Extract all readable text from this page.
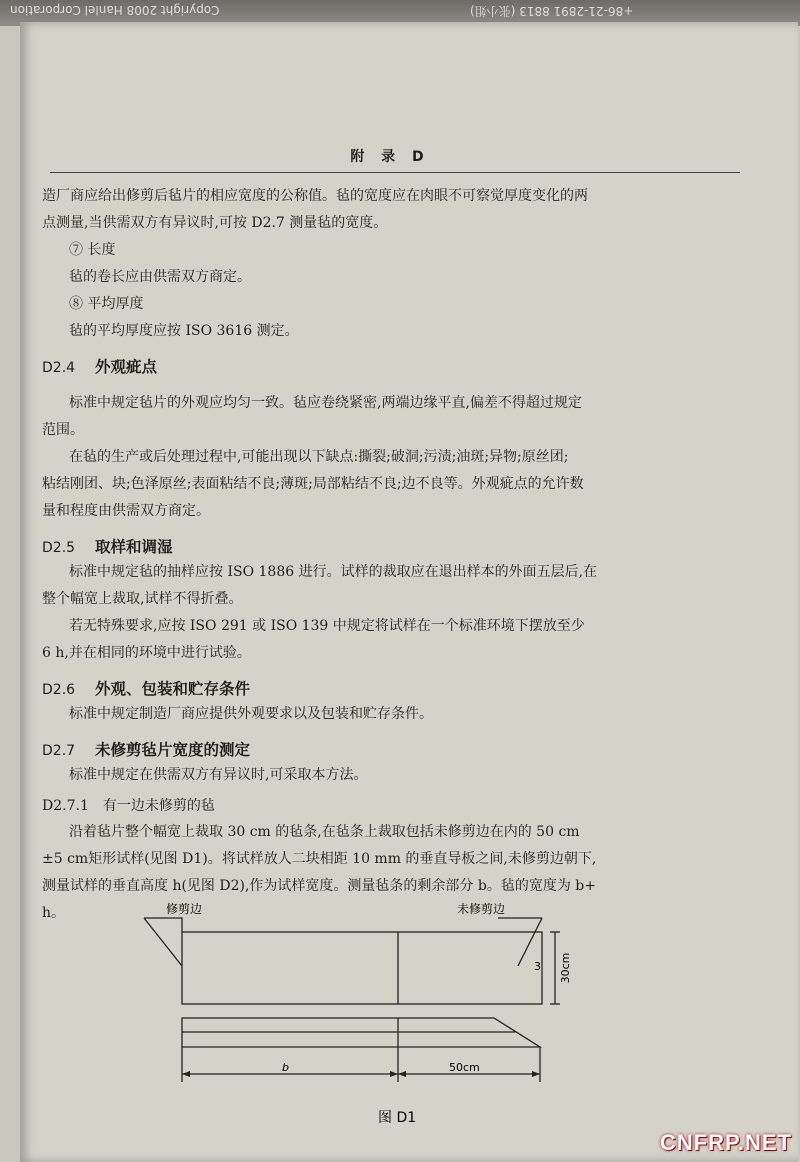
Copyright 2008 Hanlel Corporation	+86-21-2891 8813 (张小姐)
附 录 D
造厂商应给出修剪后毡片的相应宽度的公称值。毡的宽度应在肉眼不可察觉厚度变化的两
点测量,当供需双方有异议时,可按 D2.7 测量毡的宽度。
⑦ 长度
毡的卷长应由供需双方商定。
⑧ 平均厚度
毡的平均厚度应按 ISO 3616 测定。
D2.4 外观疵点
标准中规定毡片的外观应均匀一致。毡应卷绕紧密,两端边缘平直,偏差不得超过规定
范围。
在毡的生产或后处理过程中,可能出现以下缺点:撕裂;破洞;污渍;油斑;异物;原丝团;
粘结刚团、块;色泽原丝;表面粘结不良;薄斑;局部粘结不良;边不良等。外观疵点的允许数
量和程度由供需双方商定。
D2.5 取样和调湿
标准中规定毡的抽样应按 ISO 1886 进行。试样的裁取应在退出样本的外面五层后,在
整个幅宽上裁取,试样不得折叠。
若无特殊要求,应按 ISO 291 或 ISO 139 中规定将试样在一个标准环境下摆放至少
6 h,并在相同的环境中进行试验。
D2.6 外观、包装和贮存条件
标准中规定制造厂商应提供外观要求以及包装和贮存条件。
D2.7 未修剪毡片宽度的测定
标准中规定在供需双方有异议时,可采取本方法。
D2.7.1 有一边未修剪的毡
沿着毡片整个幅宽上裁取 30 cm 的毡条,在毡条上裁取包括未修剪边在内的 50 cm
±5 cm矩形试样(见图 D1)。将试样放人二块相距 10 mm 的垂直导板之间,未修剪边朝下,
测量试样的垂直高度 h(见图 D2),作为试样宽度。测量毡条的剩余部分 b。毡的宽度为 b+
h。	修剪边	未修剪边
30cm
3
b	50cm
图 D1
CNFRP.NET
